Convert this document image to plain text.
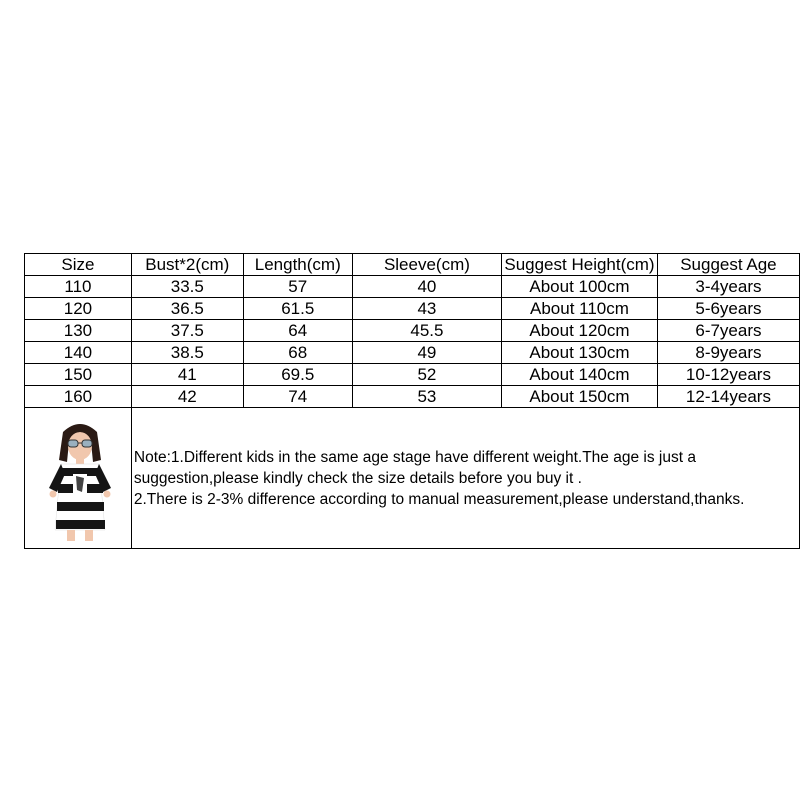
Size	Bust*2(cm)	Length(cm)	Sleeve(cm)	Suggest Height(cm)	Suggest Age
110	33.5	57	40	About 100cm	3-4years
120	36.5	61.5	43	About 110cm	5-6years
130	37.5	64	45.5	About 120cm	6-7years
140	38.5	68	49	About 130cm	8-9years
150	41	69.5	52	About 140cm	10-12years
160	42	74	53	About 150cm	12-14years

Note:1.Different kids in the same age stage have different weight.The age is just a
suggestion,please kindly check the size details before you buy it .
2.There is 2-3% difference according to manual measurement,please understand,thanks.				
